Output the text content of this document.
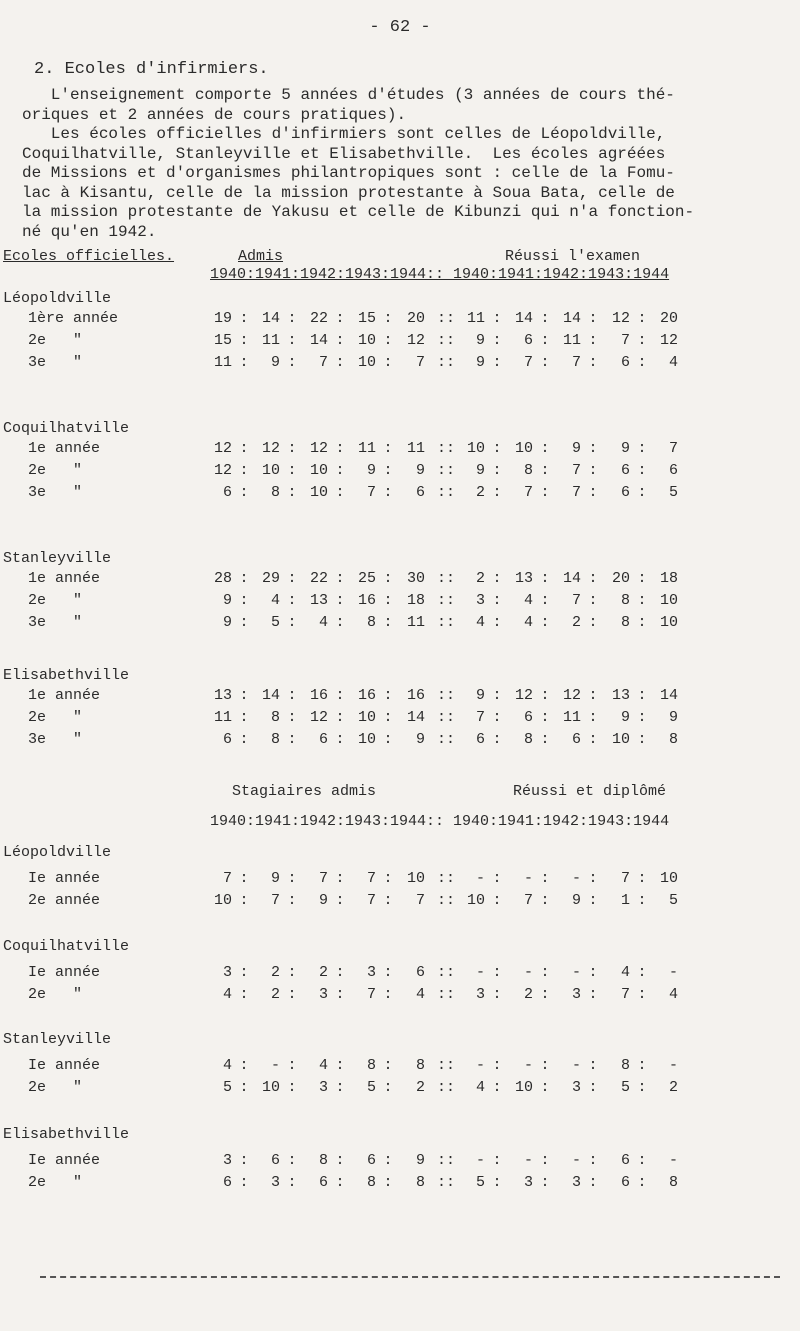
- 62 -
2. Ecoles d'infirmiers.
L'enseignement comporte 5 années d'études (3 années de cours thé-
oriques et 2 années de cours pratiques).
Les écoles officielles d'infirmiers sont celles de Léopoldville,
Coquilhatville, Stanleyville et Elisabethville.  Les écoles agréées
de Missions et d'organismes philantropiques sont : celle de la Fomu-
lac à Kisantu, celle de la mission protestante à Soua Bata, celle de
la mission protestante de Yakusu et celle de Kibunzi qui n'a fonction-
né qu'en 1942.
Ecoles officielles.	Admis	Réussi l'examen
1940:1941:1942:1943:1944:: 1940:1941:1942:1943:1944
Léopoldville
1ère année	19 : 14 : 22 : 15 : 20 :: 11 : 14 : 14 : 12 : 20
2e   "	15 : 11 : 14 : 10 : 12 ::	9 :	6 : 11 :	7 : 12
3e   "	11 :	9 :	7 : 10 :	7 ::	9 :	7 :	7 :	6 :	4
Coquilhatville
1e année	12 : 12 : 12 : 11 : 11 :: 10 : 10 :	9 :	9 :	7
2e   "	12 : 10 : 10 :	9 :	9 ::	9 :	8 :	7 :	6 :	6
3e   "	6 :	8 : 10 :	7 :	6 ::	2 :	7 :	7 :	6 :	5
Stanleyville
1e année	28 : 29 : 22 : 25 : 30 ::	2 : 13 : 14 : 20 : 18
2e   "	9 :	4 : 13 : 16 : 18 ::	3 :	4 :	7 :	8 : 10
3e   "	9 :	5 :	4 :	8 : 11 ::	4 :	4 :	2 :	8 : 10
Elisabethville
1e année	13 : 14 : 16 : 16 : 16 ::	9 : 12 : 12 : 13 : 14
2e   "	11 :	8 : 12 : 10 : 14 ::	7 :	6 : 11 :	9 :	9
3e   "	6 :	8 :	6 : 10 :	9 ::	6 :	8 :	6 : 10 :	8
Stagiaires admis	Réussi et diplômé
1940:1941:1942:1943:1944:: 1940:1941:1942:1943:1944
Léopoldville
Ie année	7 :	9 :	7 :	7 : 10 ::	- :	- :	- :	7 : 10
2e année	10 :	7 :	9 :	7 :	7 :: 10 :	7 :	9 :	1 :	5
Coquilhatville
Ie année	3 :	2 :	2 :	3 :	6 ::	- :	- :	- :	4 :	-
2e   "	4 :	2 :	3 :	7 :	4 ::	3 :	2 :	3 :	7 :	4
Stanleyville
Ie année	4 :	- :	4 :	8 :	8 ::	- :	- :	- :	8 :	-
2e   "	5 : 10 :	3 :	5 :	2 ::	4 : 10 :	3 :	5 :	2
Elisabethville
Ie année	3 :	6 :	8 :	6 :	9 ::	- :	- :	- :	6 :	-
2e   "	6 :	3 :	6 :	8 :	8 ::	5 :	3 :	3 :	6 :	8
